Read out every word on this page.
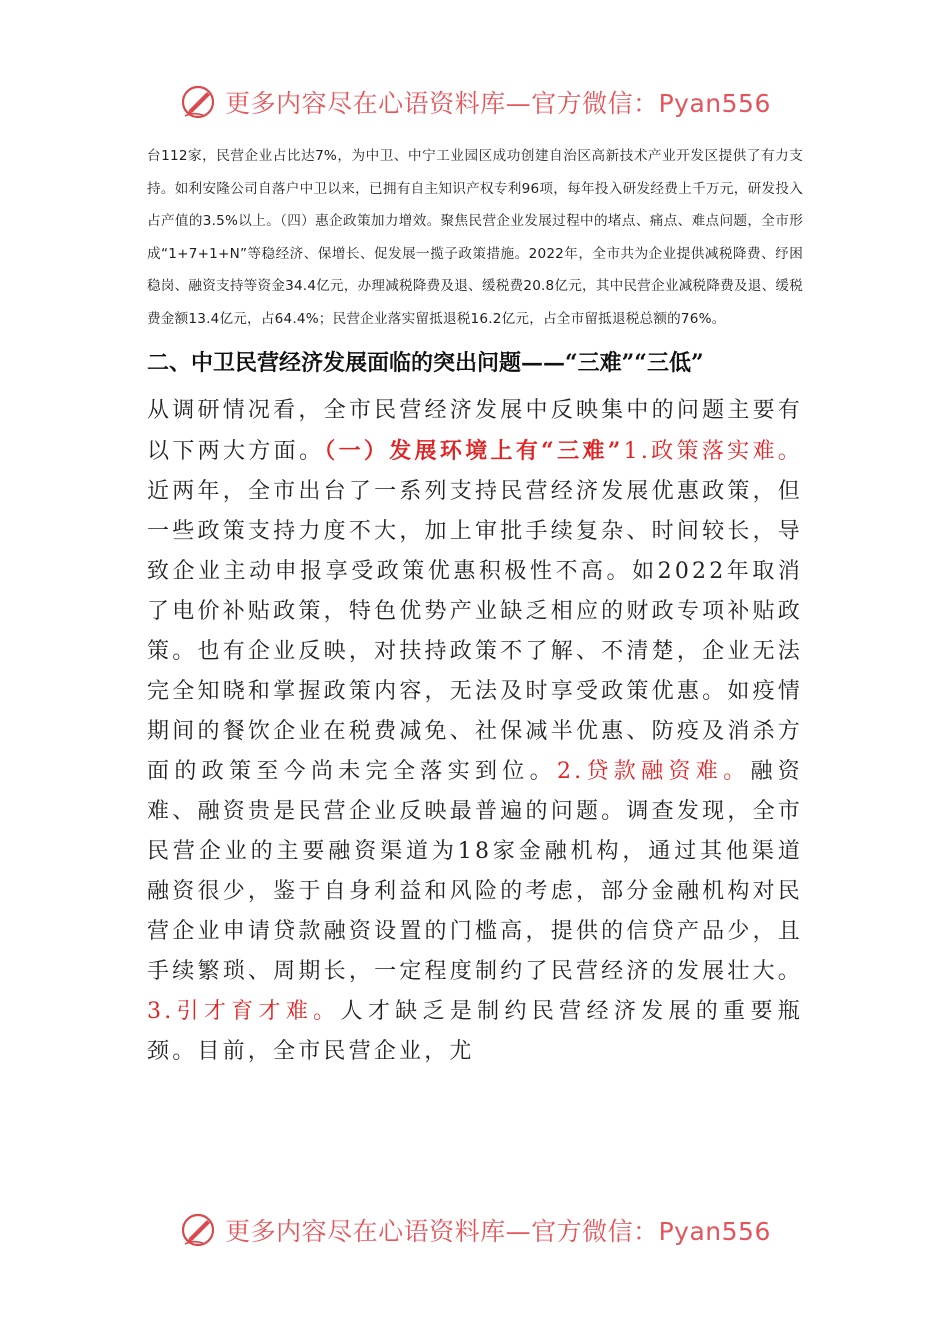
更多内容尽在心语资料库—官方微信：Pyan556

台112家，民营企业占比达7%，为中卫、中宁工业园区成功创建自治区高新技术产业开发区提供了有力支持。如利安隆公司自落户中卫以来，已拥有自主知识产权专利96项，每年投入研发经费上千万元，研发投入占产值的3.5%以上。（四）惠企政策加力增效。聚焦民营企业发展过程中的堵点、痛点、难点问题，全市形成“1+7+1+N”等稳经济、保增长、促发展一揽子政策措施。2022年，全市共为企业提供减税降费、纾困稳岗、融资支持等资金34.4亿元，办理减税降费及退、缓税费20.8亿元，其中民营企业减税降费及退、缓税费金额13.4亿元，占64.4%；民营企业落实留抵退税16.2亿元，占全市留抵退税总额的76%。

二、中卫民营经济发展面临的突出问题——“三难”“三低”

从调研情况看，全市民营经济发展中反映集中的问题主要有以下两大方面。（一）发展环境上有“三难”1.政策落实难。近两年，全市出台了一系列支持民营经济发展优惠政策，但一些政策支持力度不大，加上审批手续复杂、时间较长，导致企业主动申报享受政策优惠积极性不高。如2022年取消了电价补贴政策，特色优势产业缺乏相应的财政专项补贴政策。也有企业反映，对扶持政策不了解、不清楚，企业无法完全知晓和掌握政策内容，无法及时享受政策优惠。如疫情期间的餐饮企业在税费减免、社保减半优惠、防疫及消杀方面的政策至今尚未完全落实到位。2.贷款融资难。融资难、融资贵是民营企业反映最普遍的问题。调查发现，全市民营企业的主要融资渠道为18家金融机构，通过其他渠道融资很少，鉴于自身利益和风险的考虑，部分金融机构对民营企业申请贷款融资设置的门槛高，提供的信贷产品少，且手续繁琐、周期长，一定程度制约了民营经济的发展壮大。3.引才育才难。人才缺乏是制约民营经济发展的重要瓶颈。目前，全市民营企业，尤

更多内容尽在心语资料库—官方微信：Pyan556
